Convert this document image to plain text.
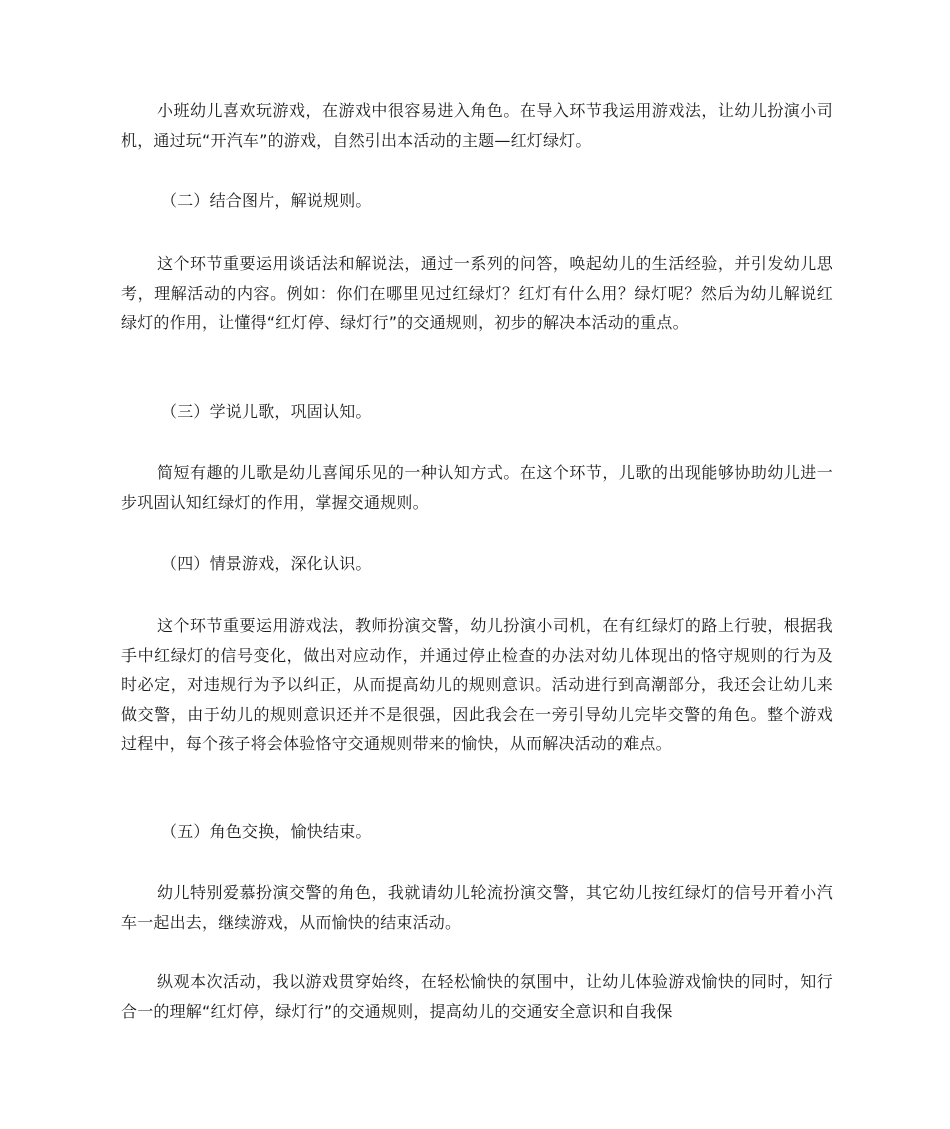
小班幼儿喜欢玩游戏，在游戏中很容易进入角色。在导入环节我运用游戏法，让幼儿扮演小司机，通过玩“开汽车”的游戏，自然引出本活动的主题—红灯绿灯。

（二）结合图片，解说规则。

这个环节重要运用谈话法和解说法，通过一系列的问答，唤起幼儿的生活经验，并引发幼儿思考，理解活动的内容。例如：你们在哪里见过红绿灯？红灯有什么用？绿灯呢？然后为幼儿解说红绿灯的作用，让懂得“红灯停、绿灯行”的交通规则，初步的解决本活动的重点。

（三）学说儿歌，巩固认知。

简短有趣的儿歌是幼儿喜闻乐见的一种认知方式。在这个环节，儿歌的出现能够协助幼儿进一步巩固认知红绿灯的作用，掌握交通规则。

（四）情景游戏，深化认识。

这个环节重要运用游戏法，教师扮演交警，幼儿扮演小司机，在有红绿灯的路上行驶，根据我手中红绿灯的信号变化，做出对应动作，并通过停止检查的办法对幼儿体现出的恪守规则的行为及时必定，对违规行为予以纠正，从而提高幼儿的规则意识。活动进行到高潮部分，我还会让幼儿来做交警，由于幼儿的规则意识还并不是很强，因此我会在一旁引导幼儿完毕交警的角色。整个游戏过程中，每个孩子将会体验恪守交通规则带来的愉快，从而解决活动的难点。

（五）角色交换，愉快结束。

幼儿特别爱慕扮演交警的角色，我就请幼儿轮流扮演交警，其它幼儿按红绿灯的信号开着小汽车一起出去，继续游戏，从而愉快的结束活动。

纵观本次活动，我以游戏贯穿始终，在轻松愉快的氛围中，让幼儿体验游戏愉快的同时，知行合一的理解“红灯停，绿灯行”的交通规则，提高幼儿的交通安全意识和自我保
